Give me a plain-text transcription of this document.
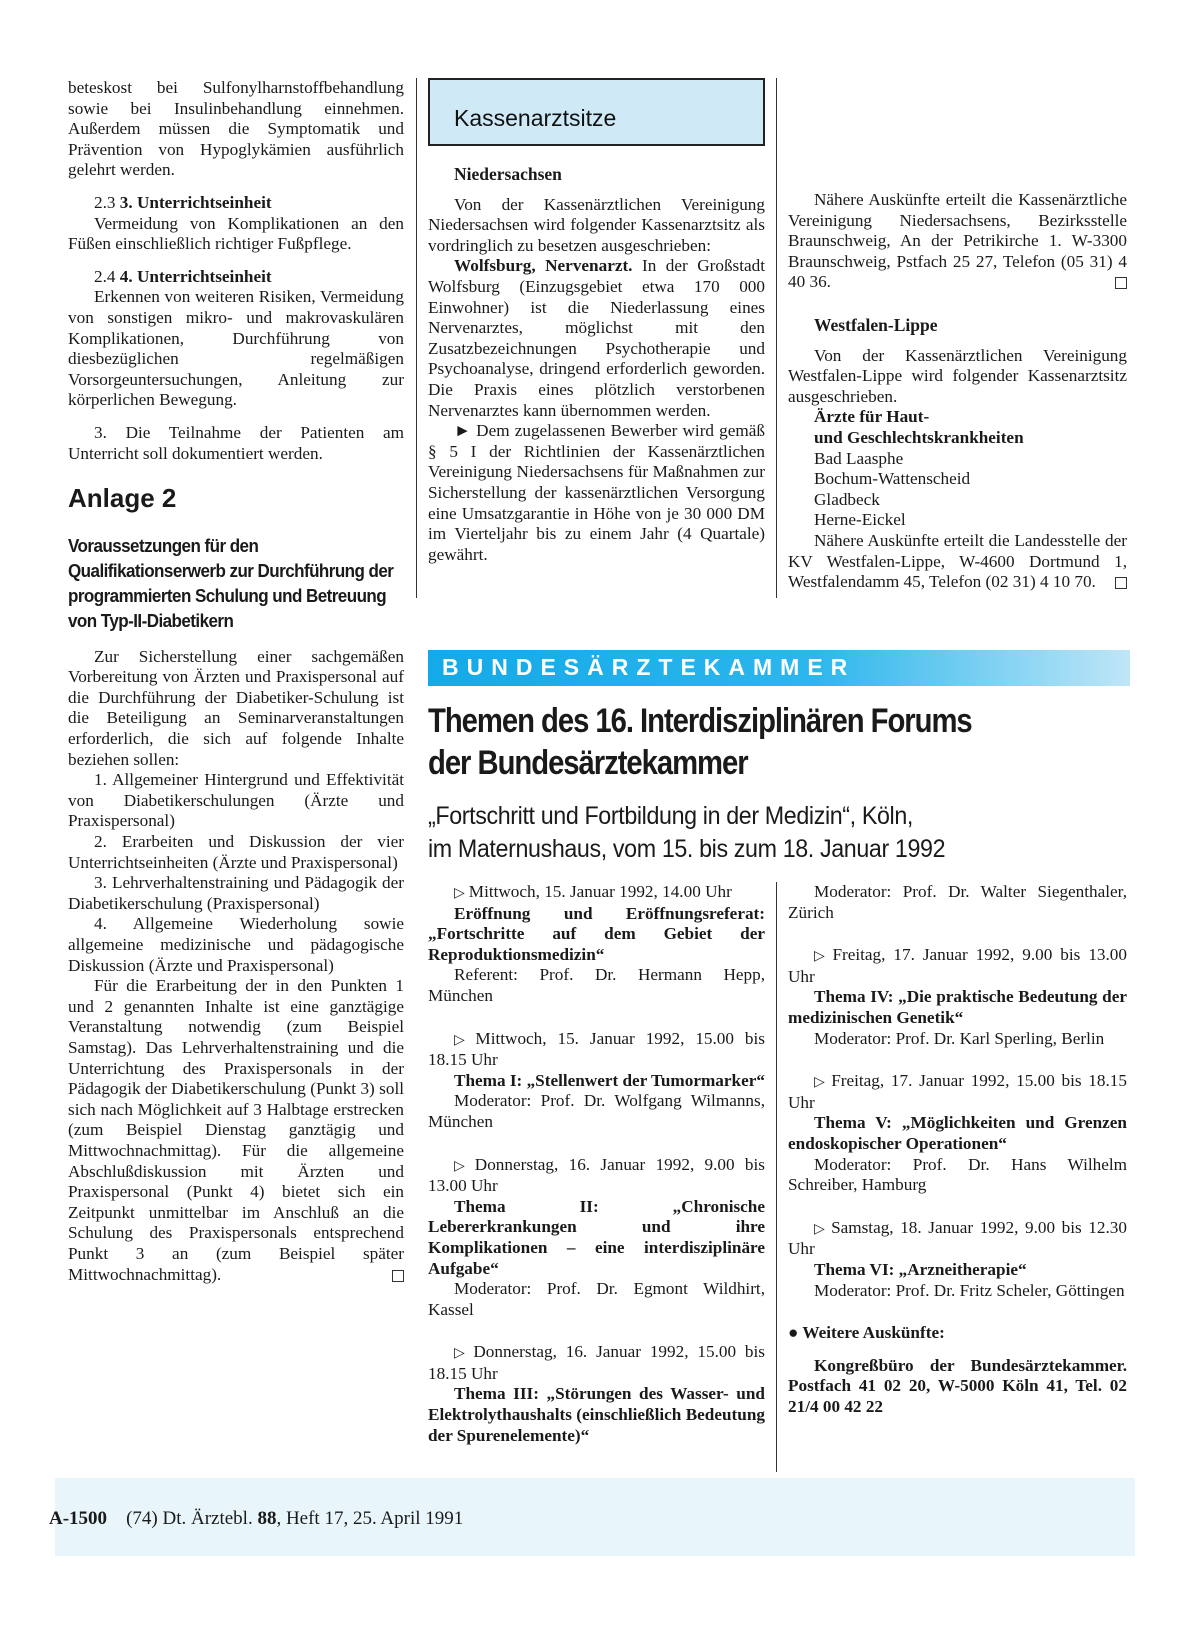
beteskost bei Sulfonylharnstoffbehandlung sowie bei Insulinbehandlung einnehmen. Außerdem müssen die Symptomatik und Prävention von Hypoglykämien ausführlich gelehrt werden.

2.3 3. Unterrichtseinheit

Vermeidung von Komplikationen an den Füßen einschließlich richtiger Fußpflege.

2.4 4. Unterrichtseinheit

Erkennen von weiteren Risiken, Vermeidung von sonstigen mikro- und makrovaskulären Komplikationen, Durchführung von diesbezüglichen regelmäßigen Vorsorgeuntersuchungen, Anleitung zur körperlichen Bewegung.

3. Die Teilnahme der Patienten am Unterricht soll dokumentiert werden.

Anlage 2
Voraussetzungen für den Qualifikationserwerb zur Durchführung der programmierten Schulung und Betreuung von Typ-II-Diabetikern

Zur Sicherstellung einer sachgemäßen Vorbereitung von Ärzten und Praxispersonal auf die Durchführung der Diabetiker-Schulung ist die Beteiligung an Seminarveranstaltungen erforderlich, die sich auf folgende Inhalte beziehen sollen:

1. Allgemeiner Hintergrund und Effektivität von Diabetikerschulungen (Ärzte und Praxispersonal)

2. Erarbeiten und Diskussion der vier Unterrichtseinheiten (Ärzte und Praxispersonal)

3. Lehrverhaltenstraining und Pädagogik der Diabetikerschulung (Praxispersonal)

4. Allgemeine Wiederholung sowie allgemeine medizinische und pädagogische Diskussion (Ärzte und Praxispersonal)

Für die Erarbeitung der in den Punkten 1 und 2 genannten Inhalte ist eine ganztägige Veranstaltung notwendig (zum Beispiel Samstag). Das Lehrverhaltenstraining und die Unterrichtung des Praxispersonals in der Pädagogik der Diabetikerschulung (Punkt 3) soll sich nach Möglichkeit auf 3 Halbtage erstrecken (zum Beispiel Dienstag ganztägig und Mittwochnachmittag). Für die allgemeine Abschlußdiskussion mit Ärzten und Praxispersonal (Punkt 4) bietet sich ein Zeitpunkt unmittelbar im Anschluß an die Schulung des Praxispersonals entsprechend Punkt 3 an (zum Beispiel später Mittwochnachmittag).

Kassenarztsitze
Niedersachsen

Von der Kassenärztlichen Vereinigung Niedersachsen wird folgender Kassenarztsitz als vordringlich zu besetzen ausgeschrieben:

Wolfsburg, Nervenarzt. In der Großstadt Wolfsburg (Einzugsgebiet etwa 170 000 Einwohner) ist die Niederlassung eines Nervenarztes, möglichst mit den Zusatzbezeichnungen Psychotherapie und Psychoanalyse, dringend erforderlich geworden. Die Praxis eines plötzlich verstorbenen Nervenarztes kann übernommen werden.

► Dem zugelassenen Bewerber wird gemäß § 5 I der Richtlinien der Kassenärztlichen Vereinigung Niedersachsens für Maßnahmen zur Sicherstellung der kassenärztlichen Versorgung eine Umsatzgarantie in Höhe von je 30 000 DM im Vierteljahr bis zu einem Jahr (4 Quartale) gewährt.

Nähere Auskünfte erteilt die Kassenärztliche Vereinigung Niedersachsens, Bezirksstelle Braunschweig, An der Petrikirche 1. W-3300 Braunschweig, Pstfach 25 27, Telefon (05 31) 4 40 36.

Westfalen-Lippe

Von der Kassenärztlichen Vereinigung Westfalen-Lippe wird folgender Kassenarztsitz ausgeschrieben.

Ärzte für Haut-

und Geschlechtskrankheiten

Bad Laasphe

Bochum-Wattenscheid

Gladbeck

Herne-Eickel

Nähere Auskünfte erteilt die Landesstelle der KV Westfalen-Lippe, W-4600 Dortmund 1, Westfalendamm 45, Telefon (02 31) 4 10 70.

BUNDESÄRZTEKAMMER
Themen des 16. Interdisziplinären Forums
der Bundesärztekammer
„Fortschritt und Fortbildung in der Medizin“, Köln,
im Maternushaus, vom 15. bis zum 18. Januar 1992

▷ Mittwoch, 15. Januar 1992, 14.00 Uhr

Eröffnung und Eröffnungsreferat: „Fortschritte auf dem Gebiet der Reproduktionsmedizin“

Referent: Prof. Dr. Hermann Hepp, München

▷ Mittwoch, 15. Januar 1992, 15.00 bis 18.15 Uhr

Thema I: „Stellenwert der Tumormarker“

Moderator: Prof. Dr. Wolfgang Wilmanns, München

▷ Donnerstag, 16. Januar 1992, 9.00 bis 13.00 Uhr

Thema II: „Chronische Lebererkrankungen und ihre Komplikationen – eine interdisziplinäre Aufgabe“

Moderator: Prof. Dr. Egmont Wildhirt, Kassel

▷ Donnerstag, 16. Januar 1992, 15.00 bis 18.15 Uhr

Thema III: „Störungen des Wasser- und Elektrolythaushalts (einschließlich Bedeutung der Spurenelemente)“

Moderator: Prof. Dr. Walter Siegenthaler, Zürich

▷ Freitag, 17. Januar 1992, 9.00 bis 13.00 Uhr

Thema IV: „Die praktische Bedeutung der medizinischen Genetik“

Moderator: Prof. Dr. Karl Sperling, Berlin

▷ Freitag, 17. Januar 1992, 15.00 bis 18.15 Uhr

Thema V: „Möglichkeiten und Grenzen endoskopischer Operationen“

Moderator: Prof. Dr. Hans Wilhelm Schreiber, Hamburg

▷ Samstag, 18. Januar 1992, 9.00 bis 12.30 Uhr

Thema VI: „Arzneitherapie“

Moderator: Prof. Dr. Fritz Scheler, Göttingen

● Weitere Auskünfte:

Kongreßbüro der Bundesärztekammer. Postfach 41 02 20, W-5000 Köln 41, Tel. 02 21/4 00 42 22

A-1500 (74) Dt. Ärztebl. 88, Heft 17, 25. April 1991
